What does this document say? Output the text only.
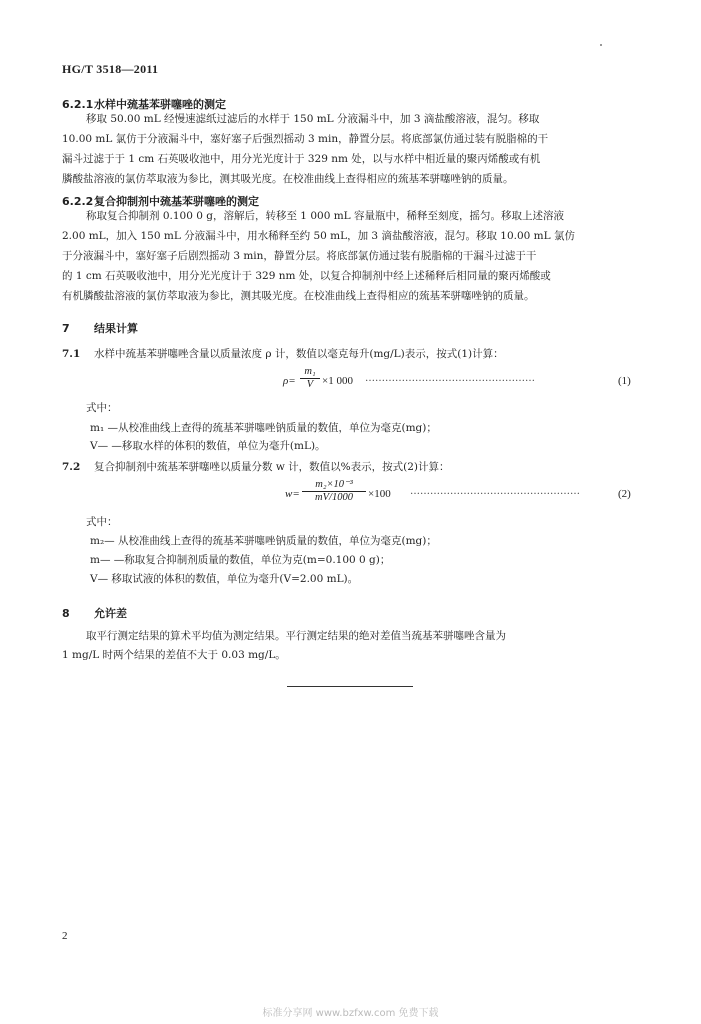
HG/T 3518—2011
6.2.1水样中巯基苯骈噻唑的测定
移取 50.00 mL 经慢速滤纸过滤后的水样于 150 mL 分液漏斗中，加 3 滴盐酸溶液，混匀。移取
10.00 mL 氯仿于分液漏斗中，塞好塞子后强烈摇动 3 min，静置分层。将底部氯仿通过装有脱脂棉的干
漏斗过滤于于 1 cm 石英吸收池中，用分光光度计于 329 nm 处，以与水样中相近量的聚丙烯酸或有机
膦酸盐溶液的氯仿萃取液为参比，测其吸光度。在校准曲线上查得相应的巯基苯骈噻唑钠的质量。
6.2.2复合抑制剂中巯基苯骈噻唑的测定
称取复合抑制剂 0.100 0 g，溶解后，转移至 1 000 mL 容量瓶中，稀释至刻度，摇匀。移取上述溶液
2.00 mL，加入 150 mL 分液漏斗中，用水稀释至约 50 mL，加 3 滴盐酸溶液，混匀。移取 10.00 mL 氯仿
于分液漏斗中，塞好塞子后剧烈摇动 3 min，静置分层。将底部氯仿通过装有脱脂棉的干漏斗过滤于干
的 1 cm 石英吸收池中，用分光光度计于 329 nm 处，以复合抑制剂中经上述稀释后相同量的聚丙烯酸或
有机膦酸盐溶液的氯仿萃取液为参比，测其吸光度。在校准曲线上查得相应的巯基苯骈噻唑钠的质量。
7 结果计算
7.1 水样中巯基苯骈噻唑含量以质量浓度 ρ 计，数值以毫克每升(mg/L)表示，按式(1)计算：
$\rho= \frac{\text{m₁}}{V} \times 1$ 000 ……………………………………………	(1)
式中：
m₁ —从校准曲线上查得的巯基苯骈噻唑钠质量的数值，单位为毫克(mg)；
V— —移取水样的体积的数值，单位为毫升(mL)。
7.2 复合抑制剂中巯基苯骈噻唑以质量分数 w 计，数值以%表示，按式(2)计算：
$w= \frac{\text{m₂×10⁻³}}{mV/1000} \times 100$ ……………………………………………	(2)
式中：
m₂— 从校准曲线上查得的巯基苯骈噻唑钠质量的数值，单位为毫克(mg)；
m— —称取复合抑制剂质量的数值，单位为克(m=0.100 0 g)；
V— 移取试液的体积的数值，单位为毫升(V=2.00 mL)。
8 允许差
取平行测定结果的算术平均值为测定结果。平行测定结果的绝对差值当巯基苯骈噻唑含量为
1 mg/L 时两个结果的差值不大于 0.03 mg/L。
2
标准分享网 www.bzfxw.com 免费下载
